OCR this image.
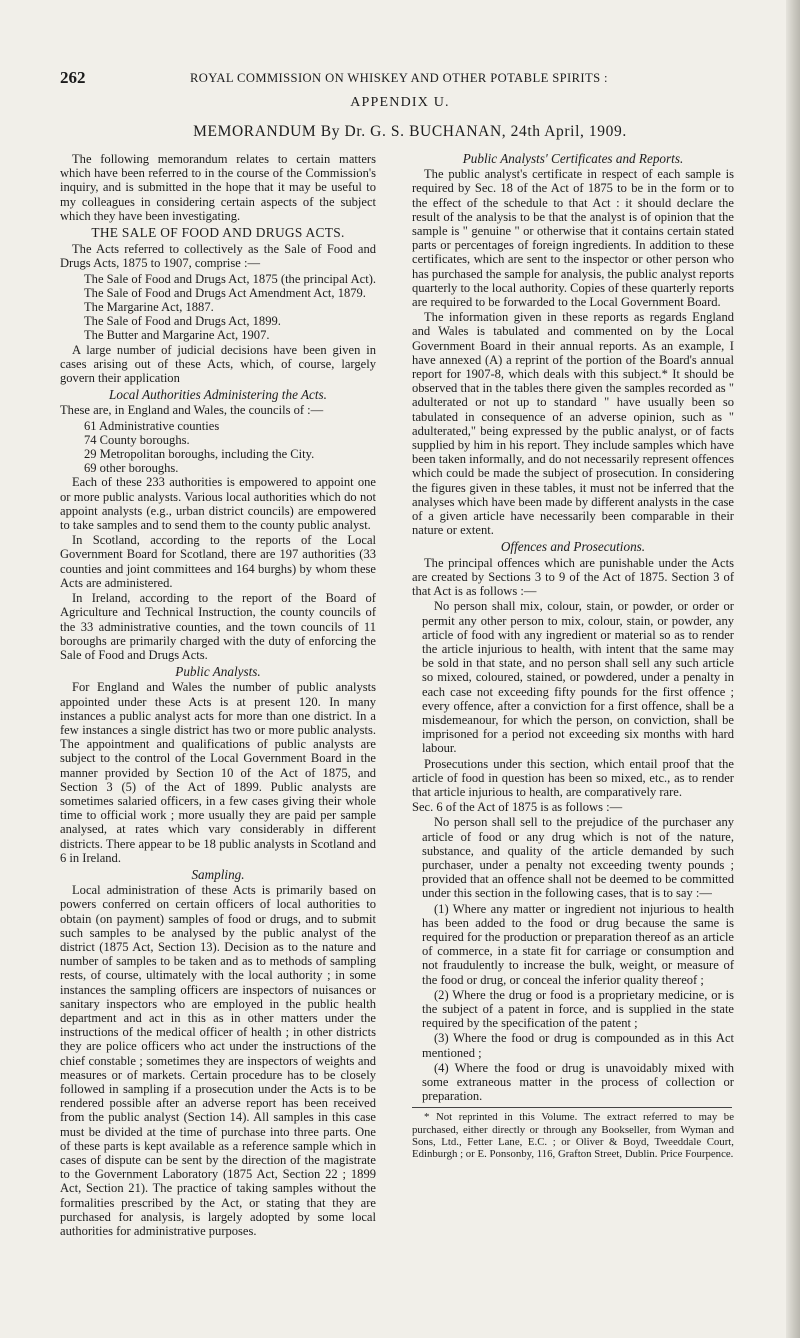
262	ROYAL COMMISSION ON WHISKEY AND OTHER POTABLE SPIRITS :
APPENDIX U.
MEMORANDUM By Dr. G. S. BUCHANAN, 24th April, 1909.

The following memorandum relates to certain matters which have been referred to in the course of the Commission's inquiry, and is submitted in the hope that it may be useful to my colleagues in considering certain aspects of the subject which they have been investigating.

THE SALE OF FOOD AND DRUGS ACTS.

The Acts referred to collectively as the Sale of Food and Drugs Acts, 1875 to 1907, comprise :—

The Sale of Food and Drugs Act, 1875 (the principal Act).
The Sale of Food and Drugs Act Amendment Act, 1879.
The Margarine Act, 1887.
The Sale of Food and Drugs Act, 1899.
The Butter and Margarine Act, 1907.

A large number of judicial decisions have been given in cases arising out of these Acts, which, of course, largely govern their application

Local Authorities Administering the Acts.

These are, in England and Wales, the councils of :—

61 Administrative counties
74 County boroughs.
29 Metropolitan boroughs, including the City.
69 other boroughs.

Each of these 233 authorities is empowered to appoint one or more public analysts. Various local authorities which do not appoint analysts (e.g., urban district councils) are empowered to take samples and to send them to the county public analyst.

In Scotland, according to the reports of the Local Government Board for Scotland, there are 197 authorities (33 counties and joint committees and 164 burghs) by whom these Acts are administered.

In Ireland, according to the report of the Board of Agriculture and Technical Instruction, the county councils of the 33 administrative counties, and the town councils of 11 boroughs are primarily charged with the duty of enforcing the Sale of Food and Drugs Acts.

Public Analysts.

For England and Wales the number of public analysts appointed under these Acts is at present 120. In many instances a public analyst acts for more than one district. In a few instances a single district has two or more public analysts. The appointment and qualifications of public analysts are subject to the control of the Local Government Board in the manner provided by Section 10 of the Act of 1875, and Section 3 (5) of the Act of 1899. Public analysts are sometimes salaried officers, in a few cases giving their whole time to official work ; more usually they are paid per sample analysed, at rates which vary considerably in different districts. There appear to be 18 public analysts in Scotland and 6 in Ireland.

Sampling.

Local administration of these Acts is primarily based on powers conferred on certain officers of local authorities to obtain (on payment) samples of food or drugs, and to submit such samples to be analysed by the public analyst of the district (1875 Act, Section 13). Decision as to the nature and number of samples to be taken and as to methods of sampling rests, of course, ultimately with the local authority ; in some instances the sampling officers are inspectors of nuisances or sanitary inspectors who are employed in the public health department and act in this as in other matters under the instructions of the medical officer of health ; in other districts they are police officers who act under the instructions of the chief constable ; sometimes they are inspectors of weights and measures or of markets. Certain procedure has to be closely followed in sampling if a prosecution under the Acts is to be rendered possible after an adverse report has been received from the public analyst (Section 14). All samples in this case must be divided at the time of purchase into three parts. One of these parts is kept available as a reference sample which in cases of dispute can be sent by the direction of the magistrate to the Government Laboratory (1875 Act, Section 22 ; 1899 Act, Section 21). The practice of taking samples without the formalities prescribed by the Act, or stating that they are purchased for analysis, is largely adopted by some local authorities for administrative purposes.

Public Analysts' Certificates and Reports.

The public analyst's certificate in respect of each sample is required by Sec. 18 of the Act of 1875 to be in the form or to the effect of the schedule to that Act : it should declare the result of the analysis to be that the analyst is of opinion that the sample is " genuine " or otherwise that it contains certain stated parts or percentages of foreign ingredients. In addition to these certificates, which are sent to the inspector or other person who has purchased the sample for analysis, the public analyst reports quarterly to the local authority. Copies of these quarterly reports are required to be forwarded to the Local Government Board.

The information given in these reports as regards England and Wales is tabulated and commented on by the Local Government Board in their annual reports. As an example, I have annexed (A) a reprint of the portion of the Board's annual report for 1907-8, which deals with this subject.* It should be observed that in the tables there given the samples recorded as " adulterated or not up to standard " have usually been so tabulated in consequence of an adverse opinion, such as " adulterated," being expressed by the public analyst, or of facts supplied by him in his report. They include samples which have been taken informally, and do not necessarily represent offences which could be made the subject of prosecution. In considering the figures given in these tables, it must not be inferred that the analyses which have been made by different analysts in the case of a given article have necessarily been comparable in their nature or extent.

Offences and Prosecutions.

The principal offences which are punishable under the Acts are created by Sections 3 to 9 of the Act of 1875. Section 3 of that Act is as follows :—

No person shall mix, colour, stain, or powder, or order or permit any other person to mix, colour, stain, or powder, any article of food with any ingredient or material so as to render the article injurious to health, with intent that the same may be sold in that state, and no person shall sell any such article so mixed, coloured, stained, or powdered, under a penalty in each case not exceeding fifty pounds for the first offence ; every offence, after a conviction for a first offence, shall be a misdemeanour, for which the person, on conviction, shall be imprisoned for a period not exceeding six months with hard labour.

Prosecutions under this section, which entail proof that the article of food in question has been so mixed, etc., as to render that article injurious to health, are comparatively rare.

Sec. 6 of the Act of 1875 is as follows :—

No person shall sell to the prejudice of the purchaser any article of food or any drug which is not of the nature, substance, and quality of the article demanded by such purchaser, under a penalty not exceeding twenty pounds ; provided that an offence shall not be deemed to be committed under this section in the following cases, that is to say :—

(1) Where any matter or ingredient not injurious to health has been added to the food or drug because the same is required for the production or preparation thereof as an article of commerce, in a state fit for carriage or consumption and not fraudulently to increase the bulk, weight, or measure of the food or drug, or conceal the inferior quality thereof ;

(2) Where the drug or food is a proprietary medicine, or is the subject of a patent in force, and is supplied in the state required by the specification of the patent ;

(3) Where the food or drug is compounded as in this Act mentioned ;

(4) Where the food or drug is unavoidably mixed with some extraneous matter in the process of collection or preparation.

* Not reprinted in this Volume. The extract referred to may be purchased, either directly or through any Bookseller, from Wyman and Sons, Ltd., Fetter Lane, E.C. ; or Oliver & Boyd, Tweeddale Court, Edinburgh ; or E. Ponsonby, 116, Grafton Street, Dublin. Price Fourpence.
